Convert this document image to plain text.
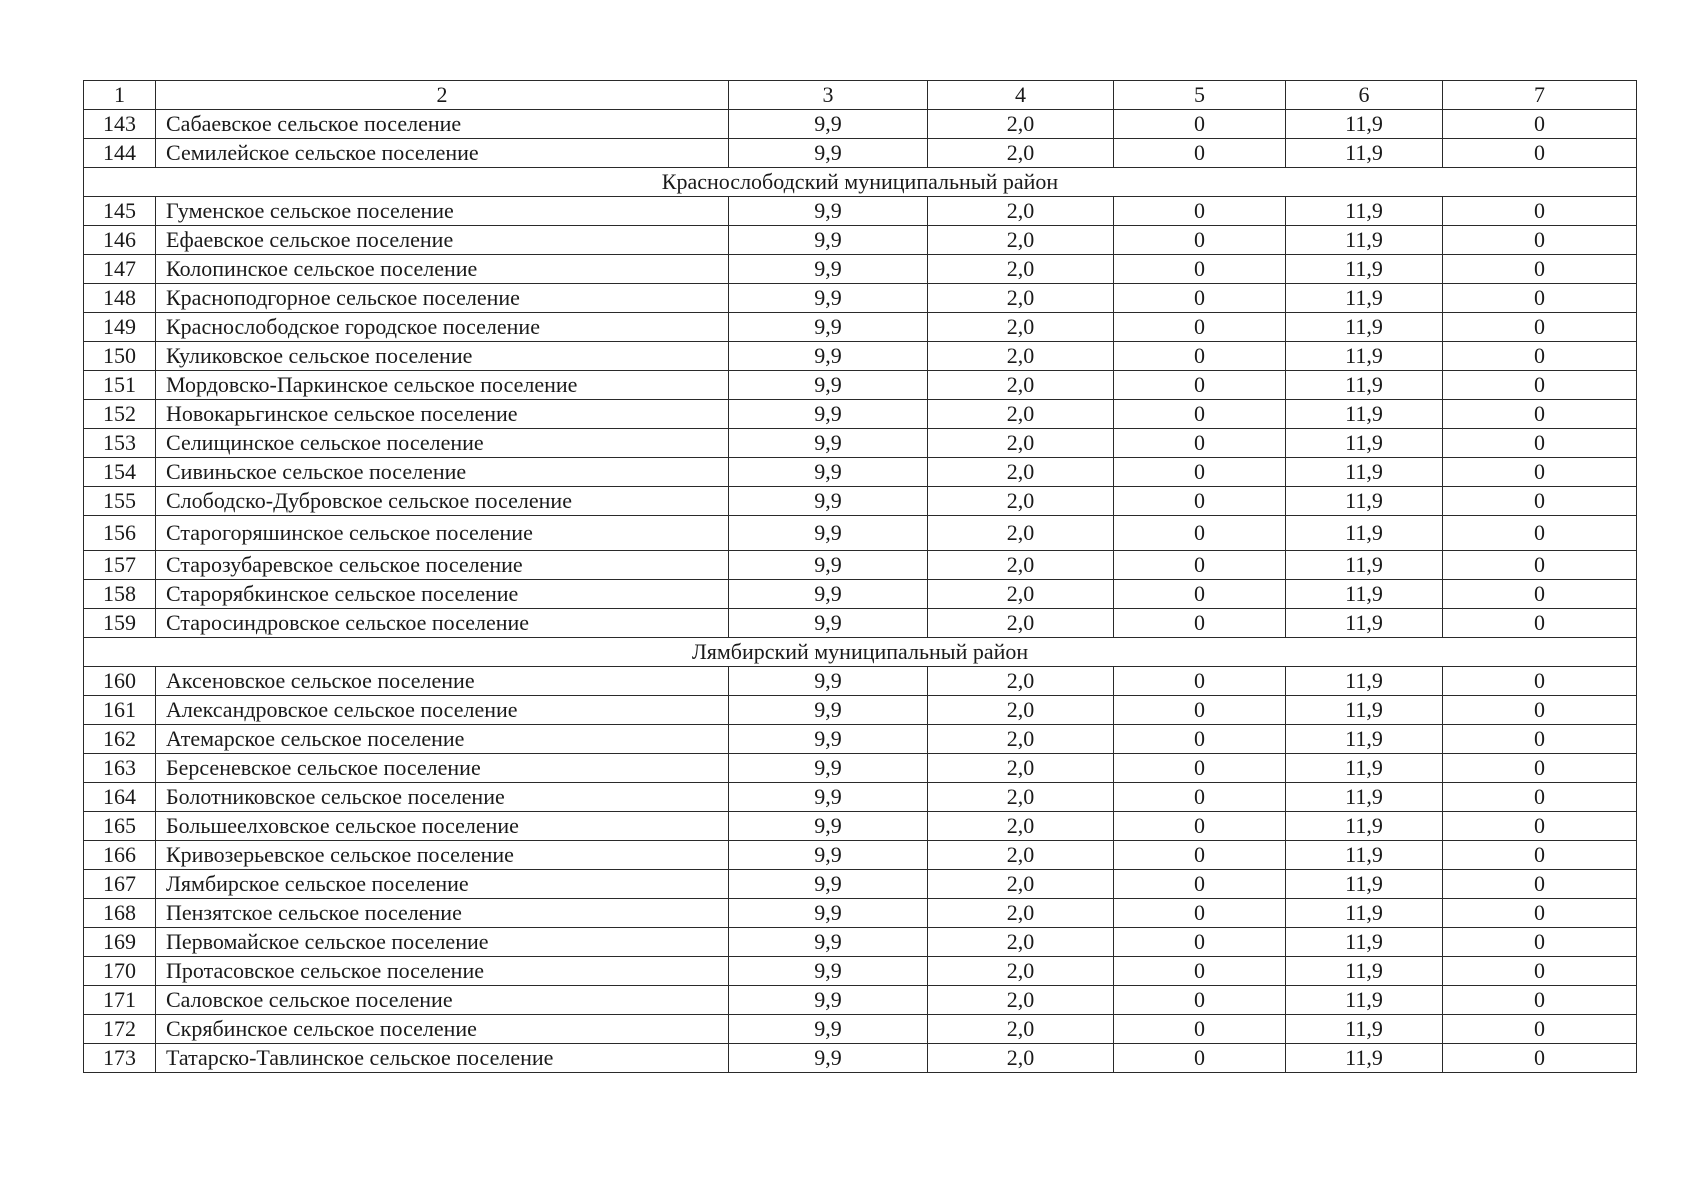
1	2	3	4	5	6	7
143	Сабаевское сельское поселение	9,9	2,0	0	11,9	0
144	Семилейское сельское поселение	9,9	2,0	0	11,9	0
Краснослободский муниципальный район						
145	Гуменское сельское поселение	9,9	2,0	0	11,9	0
146	Ефаевское сельское поселение	9,9	2,0	0	11,9	0
147	Колопинское сельское поселение	9,9	2,0	0	11,9	0
148	Красноподгорное сельское поселение	9,9	2,0	0	11,9	0
149	Краснослободское городское поселение	9,9	2,0	0	11,9	0
150	Куликовское сельское поселение	9,9	2,0	0	11,9	0
151	Мордовско-Паркинское сельское поселение	9,9	2,0	0	11,9	0
152	Новокарьгинское сельское поселение	9,9	2,0	0	11,9	0
153	Селищинское сельское поселение	9,9	2,0	0	11,9	0
154	Сивиньское сельское поселение	9,9	2,0	0	11,9	0
155	Слободско-Дубровское сельское поселение	9,9	2,0	0	11,9	0
156	Старогоряшинское сельское поселение	9,9	2,0	0	11,9	0
157	Старозубаревское сельское поселение	9,9	2,0	0	11,9	0
158	Старорябкинское сельское поселение	9,9	2,0	0	11,9	0
159	Старосиндровское сельское поселение	9,9	2,0	0	11,9	0
Лямбирский муниципальный район						
160	Аксеновское сельское поселение	9,9	2,0	0	11,9	0
161	Александровское сельское поселение	9,9	2,0	0	11,9	0
162	Атемарское сельское поселение	9,9	2,0	0	11,9	0
163	Берсеневское сельское поселение	9,9	2,0	0	11,9	0
164	Болотниковское сельское поселение	9,9	2,0	0	11,9	0
165	Большеелховское сельское поселение	9,9	2,0	0	11,9	0
166	Кривозерьевское сельское поселение	9,9	2,0	0	11,9	0
167	Лямбирское сельское поселение	9,9	2,0	0	11,9	0
168	Пензятское сельское поселение	9,9	2,0	0	11,9	0
169	Первомайское сельское поселение	9,9	2,0	0	11,9	0
170	Протасовское сельское поселение	9,9	2,0	0	11,9	0
171	Саловское сельское поселение	9,9	2,0	0	11,9	0
172	Скрябинское сельское поселение	9,9	2,0	0	11,9	0
173	Татарско-Тавлинское сельское поселение	9,9	2,0	0	11,9	0
